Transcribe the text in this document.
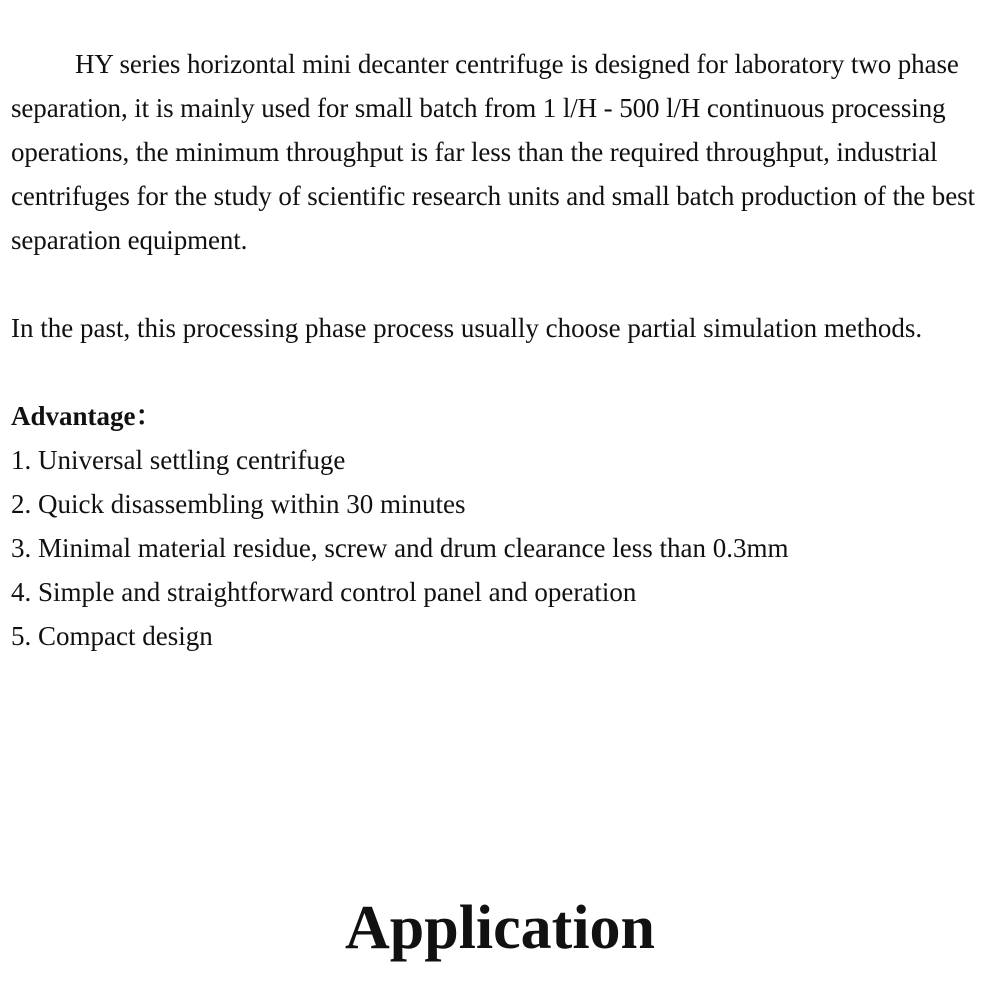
HY series horizontal mini decanter centrifuge is designed for laboratory two phase separation, it is mainly used for small batch from 1 l/H - 500 l/H continuous processing operations, the minimum throughput is far less than the required throughput, industrial centrifuges for the study of scientific research units and small batch production of the best separation equipment.

In the past, this processing phase process usually choose partial simulation methods.

Advantage：

1. Universal settling centrifuge
2. Quick disassembling within 30 minutes
3. Minimal material residue, screw and drum clearance less than 0.3mm
4. Simple and straightforward control panel and operation
5. Compact design
Application
